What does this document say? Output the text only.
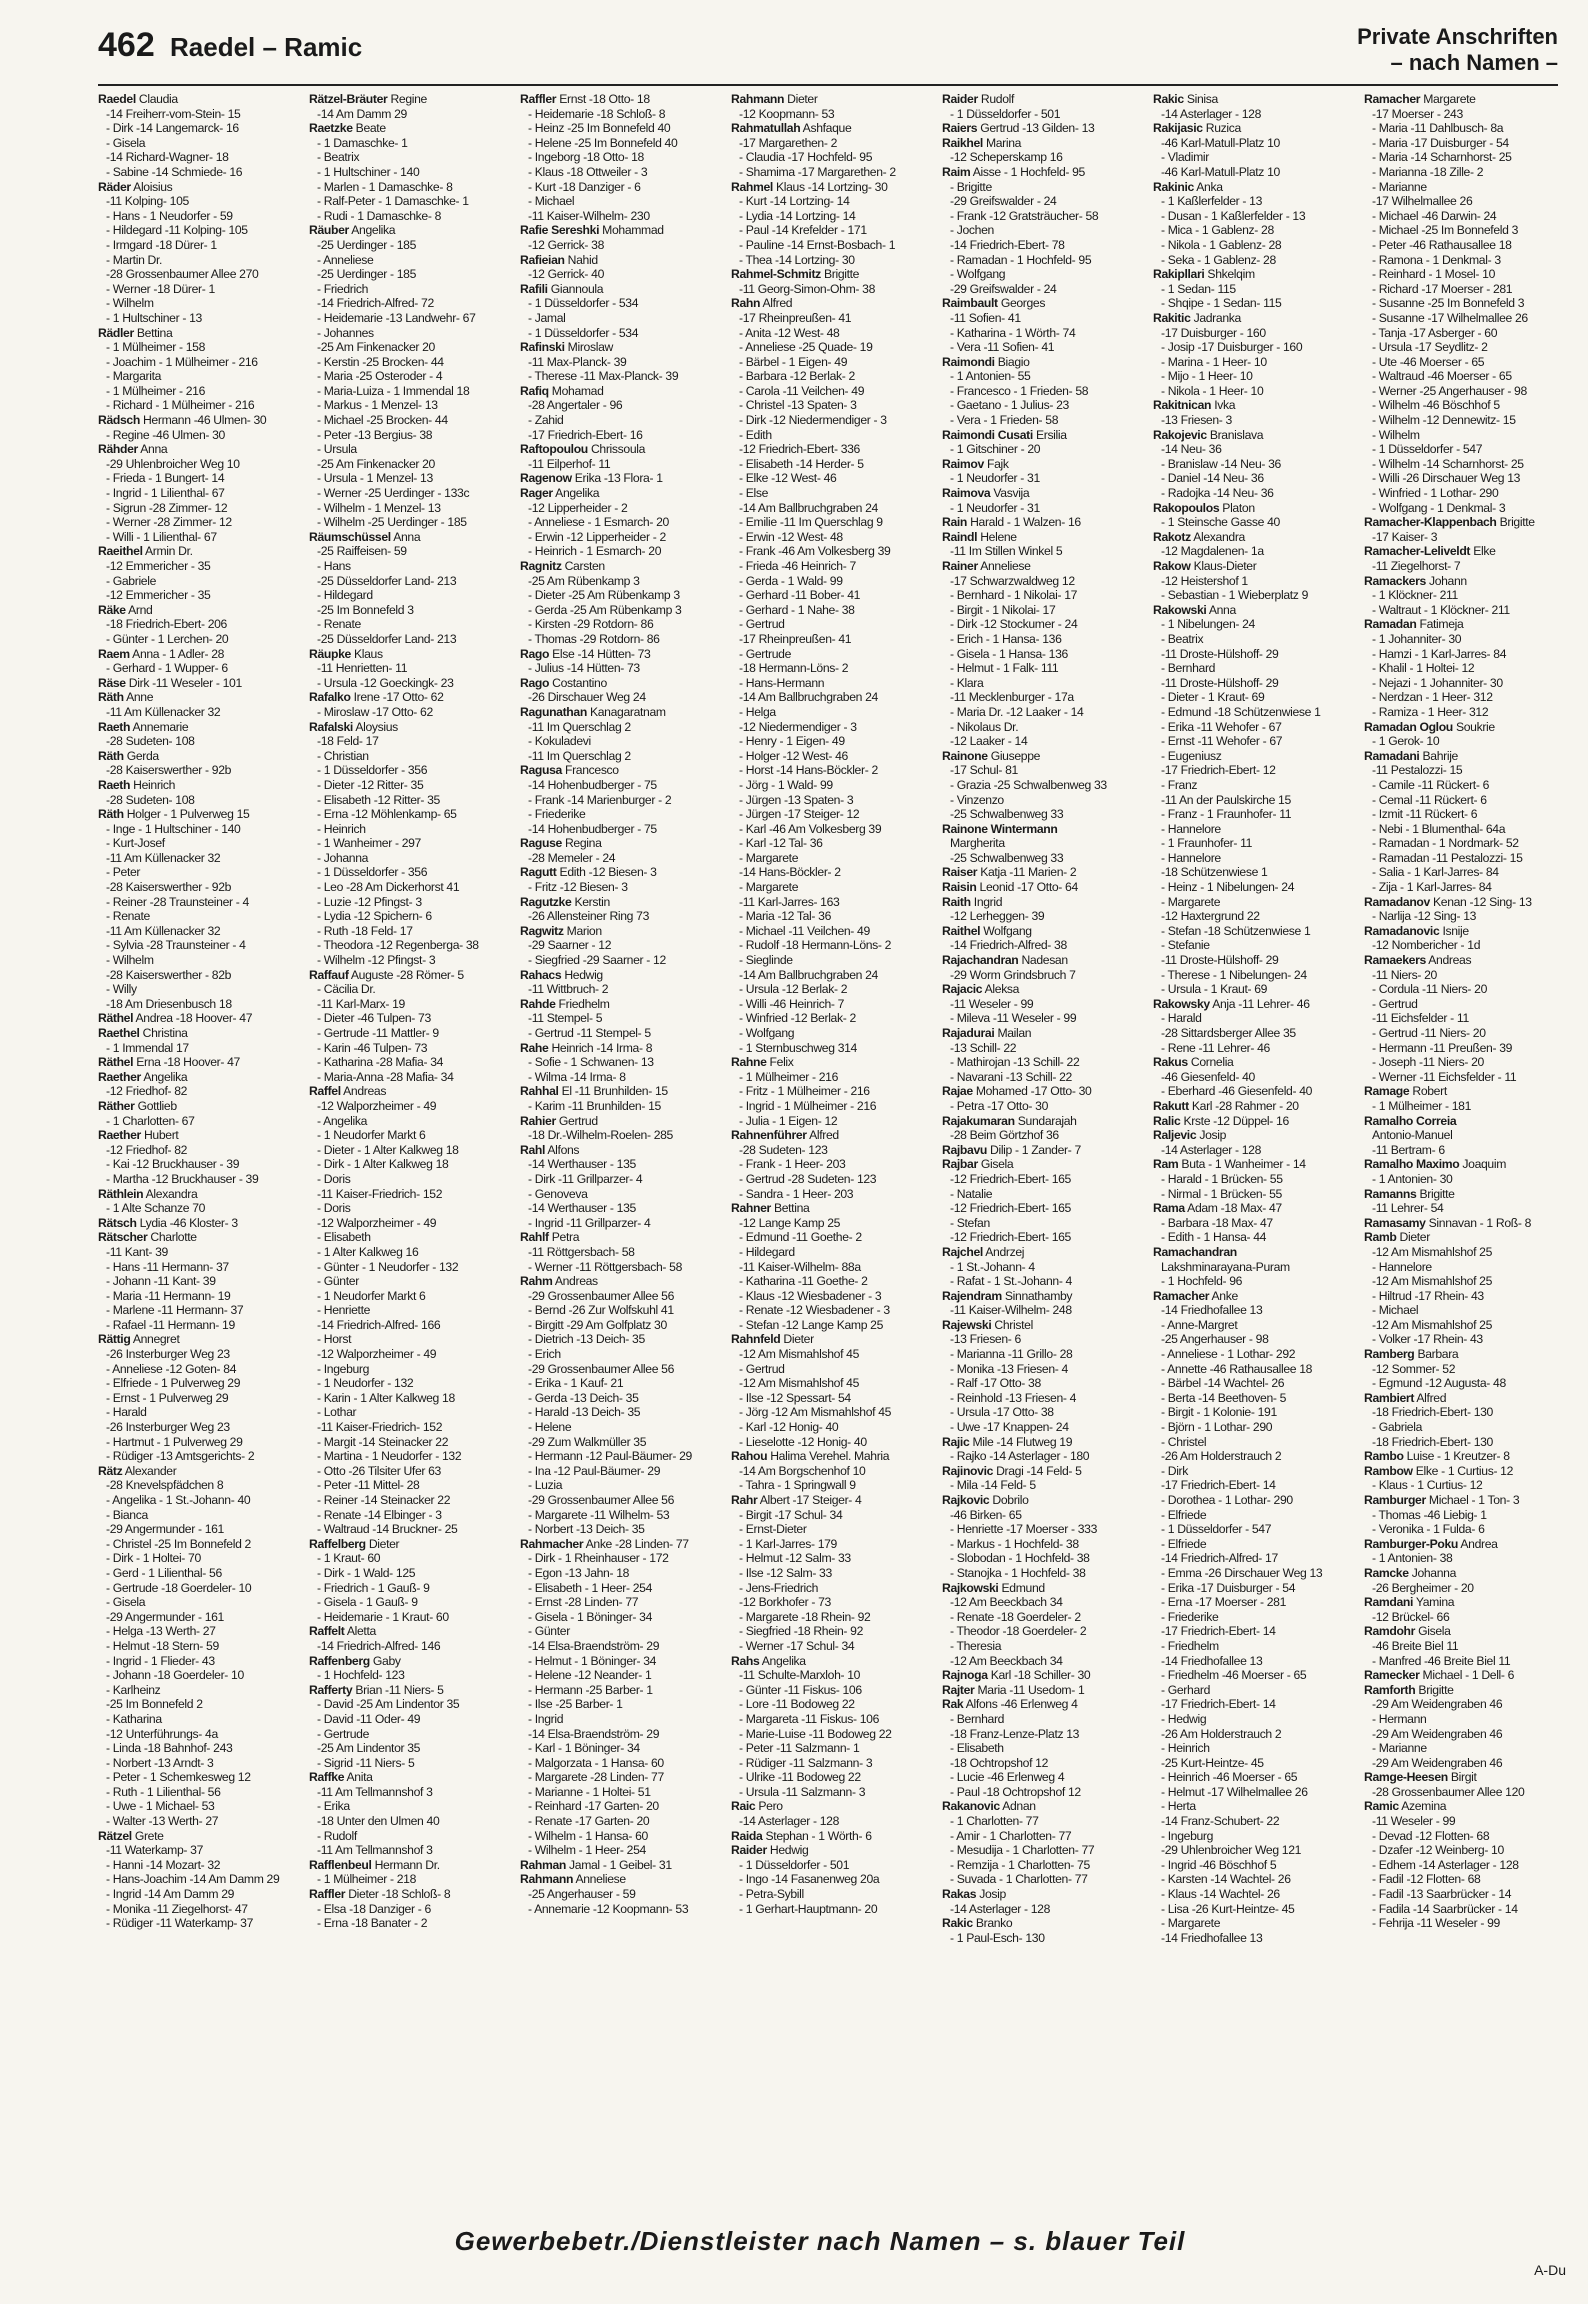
462 Raedel – Ramic	Private Anschriften
– nach Namen –
Raedel Claudia
-14 Freiherr-vom-Stein- 15
- Dirk -14 Langemarck- 16
- Gisela
-14 Richard-Wagner- 18
- Sabine -14 Schmiede- 16
Räder Aloisius
-11 Kolping- 105
- Hans - 1 Neudorfer - 59
- Hildegard -11 Kolping- 105
- Irmgard -18 Dürer- 1
- Martin Dr.
-28 Grossenbaumer Allee 270
- Werner -18 Dürer- 1
- Wilhelm
- 1 Hultschiner - 13
Rädler Bettina
- 1 Mülheimer - 158
- Joachim - 1 Mülheimer - 216
- Margarita
- 1 Mülheimer - 216
- Richard - 1 Mülheimer - 216
Rädsch Hermann -46 Ulmen- 30
- Regine -46 Ulmen- 30
Rähder Anna
-29 Uhlenbroicher Weg 10
- Frieda - 1 Bungert- 14
- Ingrid - 1 Lilienthal- 67
- Sigrun -28 Zimmer- 12
- Werner -28 Zimmer- 12
- Willi - 1 Lilienthal- 67
Raeithel Armin Dr.
-12 Emmericher - 35
- Gabriele
-12 Emmericher - 35
Räke Arnd
-18 Friedrich-Ebert- 206
- Günter - 1 Lerchen- 20
Raem Anna - 1 Adler- 28
- Gerhard - 1 Wupper- 6
Räse Dirk -11 Weseler - 101
Räth Anne
-11 Am Küllenacker 32
Raeth Annemarie
-28 Sudeten- 108
Räth Gerda
-28 Kaiserswerther - 92b
Raeth Heinrich
-28 Sudeten- 108
Räth Holger - 1 Pulverweg 15
- Inge - 1 Hultschiner - 140
- Kurt-Josef
-11 Am Küllenacker 32
- Peter
-28 Kaiserswerther - 92b
- Reiner -28 Traunsteiner - 4
- Renate
-11 Am Küllenacker 32
- Sylvia -28 Traunsteiner - 4
- Wilhelm
-28 Kaiserswerther - 82b
- Willy
-18 Am Driesenbusch 18
Räthel Andrea -18 Hoover- 47
Raethel Christina
- 1 Immendal 17
Räthel Erna -18 Hoover- 47
Raether Angelika
-12 Friedhof- 82
Räther Gottlieb
- 1 Charlotten- 67
Raether Hubert
-12 Friedhof- 82
- Kai -12 Bruckhauser - 39
- Martha -12 Bruckhauser - 39
Räthlein Alexandra
- 1 Alte Schanze 70
Rätsch Lydia -46 Kloster- 3
Rätscher Charlotte
-11 Kant- 39
- Hans -11 Hermann- 37
- Johann -11 Kant- 39
- Maria -11 Hermann- 19
- Marlene -11 Hermann- 37
- Rafael -11 Hermann- 19
Rättig Annegret
-26 Insterburger Weg 23
- Anneliese -12 Goten- 84
- Elfriede - 1 Pulverweg 29
- Ernst - 1 Pulverweg 29
- Harald
-26 Insterburger Weg 23
- Hartmut - 1 Pulverweg 29
- Rüdiger -13 Amtsgerichts- 2
Rätz Alexander
-28 Knevelspfädchen 8
- Angelika - 1 St.-Johann- 40
- Bianca
-29 Angermunder - 161
- Christel -25 Im Bonnefeld 2
- Dirk - 1 Holtei- 70
- Gerd - 1 Lilienthal- 56
- Gertrude -18 Goerdeler- 10
- Gisela
-29 Angermunder - 161
- Helga -13 Werth- 27
- Helmut -18 Stern- 59
- Ingrid - 1 Flieder- 43
- Johann -18 Goerdeler- 10
- Karlheinz
-25 Im Bonnefeld 2
- Katharina
-12 Unterführungs- 4a
- Linda -18 Bahnhof- 243
- Norbert -13 Arndt- 3
- Peter - 1 Schemkesweg 12
- Ruth - 1 Lilienthal- 56
- Uwe - 1 Michael- 53
- Walter -13 Werth- 27
Rätzel Grete
-11 Waterkamp- 37
- Hanni -14 Mozart- 32
- Hans-Joachim -14 Am Damm 29
- Ingrid -14 Am Damm 29
- Monika -11 Ziegelhorst- 47
- Rüdiger -11 Waterkamp- 37
Rätzel-Bräuter Regine
-14 Am Damm 29
Raetzke Beate
- 1 Damaschke- 1
- Beatrix
- 1 Hultschiner - 140
- Marlen - 1 Damaschke- 8
- Ralf-Peter - 1 Damaschke- 1
- Rudi - 1 Damaschke- 8
Räuber Angelika
-25 Uerdinger - 185
- Anneliese
-25 Uerdinger - 185
- Friedrich
-14 Friedrich-Alfred- 72
- Heidemarie -13 Landwehr- 67
- Johannes
-25 Am Finkenacker 20
- Kerstin -25 Brocken- 44
- Maria -25 Osteroder - 4
- Maria-Luiza - 1 Immendal 18
- Markus - 1 Menzel- 13
- Michael -25 Brocken- 44
- Peter -13 Bergius- 38
- Ursula
-25 Am Finkenacker 20
- Ursula - 1 Menzel- 13
- Werner -25 Uerdinger - 133c
- Wilhelm - 1 Menzel- 13
- Wilhelm -25 Uerdinger - 185
Räumschüssel Anna
-25 Raiffeisen- 59
- Hans
-25 Düsseldorfer Land- 213
- Hildegard
-25 Im Bonnefeld 3
- Renate
-25 Düsseldorfer Land- 213
Räupke Klaus
-11 Henrietten- 11
- Ursula -12 Goeckingk- 23
Rafalko Irene -17 Otto- 62
- Miroslaw -17 Otto- 62
Rafalski Aloysius
-18 Feld- 17
- Christian
- 1 Düsseldorfer - 356
- Dieter -12 Ritter- 35
- Elisabeth -12 Ritter- 35
- Erna -12 Möhlenkamp- 65
- Heinrich
- 1 Wanheimer - 297
- Johanna
- 1 Düsseldorfer - 356
- Leo -28 Am Dickerhorst 41
- Luzie -12 Pfingst- 3
- Lydia -12 Spichern- 6
- Ruth -18 Feld- 17
- Theodora -12 Regenberga- 38
- Wilhelm -12 Pfingst- 3
Raffauf Auguste -28 Römer- 5
- Cäcilia Dr.
-11 Karl-Marx- 19
- Dieter -46 Tulpen- 73
- Gertrude -11 Mattler- 9
- Karin -46 Tulpen- 73
- Katharina -28 Mafia- 34
- Maria-Anna -28 Mafia- 34
Raffel Andreas
-12 Walporzheimer - 49
- Angelika
- 1 Neudorfer Markt 6
- Dieter - 1 Alter Kalkweg 18
- Dirk - 1 Alter Kalkweg 18
- Doris
-11 Kaiser-Friedrich- 152
- Doris
-12 Walporzheimer - 49
- Elisabeth
- 1 Alter Kalkweg 16
- Günter - 1 Neudorfer - 132
- Günter
- 1 Neudorfer Markt 6
- Henriette
-14 Friedrich-Alfred- 166
- Horst
-12 Walporzheimer - 49
- Ingeburg
- 1 Neudorfer - 132
- Karin - 1 Alter Kalkweg 18
- Lothar
-11 Kaiser-Friedrich- 152
- Margit -14 Steinacker 22
- Martina - 1 Neudorfer - 132
- Otto -26 Tilsiter Ufer 63
- Peter -11 Mittel- 28
- Reiner -14 Steinacker 22
- Renate -14 Elbinger - 3
- Waltraud -14 Bruckner- 25
Raffelberg Dieter
- 1 Kraut- 60
- Dirk - 1 Wald- 125
- Friedrich - 1 Gauß- 9
- Gisela - 1 Gauß- 9
- Heidemarie - 1 Kraut- 60
Raffelt Aletta
-14 Friedrich-Alfred- 146
Raffenberg Gaby
- 1 Hochfeld- 123
Rafferty Brian -11 Niers- 5
- David -25 Am Lindentor 35
- David -11 Oder- 49
- Gertrude
-25 Am Lindentor 35
- Sigrid -11 Niers- 5
Raffke Anita
-11 Am Tellmannshof 3
- Erika
-18 Unter den Ulmen 40
- Rudolf
-11 Am Tellmannshof 3
Rafflenbeul Hermann Dr.
- 1 Mülheimer - 218
Raffler Dieter -18 Schloß- 8
- Elsa -18 Danziger - 6
- Erna -18 Banater - 2
Raffler Ernst -18 Otto- 18
- Heidemarie -18 Schloß- 8
- Heinz -25 Im Bonnefeld 40
- Helene -25 Im Bonnefeld 40
- Ingeborg -18 Otto- 18
- Klaus -18 Ottweiler - 3
- Kurt -18 Danziger - 6
- Michael
-11 Kaiser-Wilhelm- 230
Rafie Sereshki Mohammad
-12 Gerrick- 38
Rafieian Nahid
-12 Gerrick- 40
Rafili Giannoula
- 1 Düsseldorfer - 534
- Jamal
- 1 Düsseldorfer - 534
Rafinski Miroslaw
-11 Max-Planck- 39
- Therese -11 Max-Planck- 39
Rafiq Mohamad
-28 Angertaler - 96
- Zahid
-17 Friedrich-Ebert- 16
Raftopoulou Chrissoula
-11 Eilperhof- 11
Ragenow Erika -13 Flora- 1
Rager Angelika
-12 Lipperheider - 2
- Anneliese - 1 Esmarch- 20
- Erwin -12 Lipperheider - 2
- Heinrich - 1 Esmarch- 20
Ragnitz Carsten
-25 Am Rübenkamp 3
- Dieter -25 Am Rübenkamp 3
- Gerda -25 Am Rübenkamp 3
- Kirsten -29 Rotdorn- 86
- Thomas -29 Rotdorn- 86
Rago Else -14 Hütten- 73
- Julius -14 Hütten- 73
Rago Costantino
-26 Dirschauer Weg 24
Ragunathan Kanagaratnam
-11 Im Querschlag 2
- Kokuladevi
-11 Im Querschlag 2
Ragusa Francesco
-14 Hohenbudberger - 75
- Frank -14 Marienburger - 2
- Friederike
-14 Hohenbudberger - 75
Raguse Regina
-28 Memeler - 24
Ragutt Edith -12 Biesen- 3
- Fritz -12 Biesen- 3
Ragutzke Kerstin
-26 Allensteiner Ring 73
Ragwitz Marion
-29 Saarner - 12
- Siegfried -29 Saarner - 12
Rahacs Hedwig
-11 Wittbruch- 2
Rahde Friedhelm
-11 Stempel- 5
- Gertrud -11 Stempel- 5
Rahe Heinrich -14 Irma- 8
- Sofie - 1 Schwanen- 13
- Wilma -14 Irma- 8
Rahhal El -11 Brunhilden- 15
- Karim -11 Brunhilden- 15
Rahier Gertrud
-18 Dr.-Wilhelm-Roelen- 285
Rahl Alfons
-14 Werthauser - 135
- Dirk -11 Grillparzer- 4
- Genoveva
-14 Werthauser - 135
- Ingrid -11 Grillparzer- 4
Rahlf Petra
-11 Röttgersbach- 58
- Werner -11 Röttgersbach- 58
Rahm Andreas
-29 Grossenbaumer Allee 56
- Bernd -26 Zur Wolfskuhl 41
- Birgitt -29 Am Golfplatz 30
- Dietrich -13 Deich- 35
- Erich
-29 Grossenbaumer Allee 56
- Erika - 1 Kauf- 21
- Gerda -13 Deich- 35
- Harald -13 Deich- 35
- Helene
-29 Zum Walkmüller 35
- Hermann -12 Paul-Bäumer- 29
- Ina -12 Paul-Bäumer- 29
- Luzia
-29 Grossenbaumer Allee 56
- Margarete -11 Wilhelm- 53
- Norbert -13 Deich- 35
Rahmacher Anke -28 Linden- 77
- Dirk - 1 Rheinhauser - 172
- Egon -13 Jahn- 18
- Elisabeth - 1 Heer- 254
- Ernst -28 Linden- 77
- Gisela - 1 Böninger- 34
- Günter
-14 Elsa-Braendström- 29
- Helmut - 1 Böninger- 34
- Helene -12 Neander- 1
- Hermann -25 Barber- 1
- Ilse -25 Barber- 1
- Ingrid
-14 Elsa-Braendström- 29
- Karl - 1 Böninger- 34
- Malgorzata - 1 Hansa- 60
- Margarete -28 Linden- 77
- Marianne - 1 Holtei- 51
- Reinhard -17 Garten- 20
- Renate -17 Garten- 20
- Wilhelm - 1 Hansa- 60
- Wilhelm - 1 Heer- 254
Rahman Jamal - 1 Geibel- 31
Rahmann Anneliese
-25 Angerhauser - 59
- Annemarie -12 Koopmann- 53
Rahmann Dieter
-12 Koopmann- 53
Rahmatullah Ashfaque
-17 Margarethen- 2
- Claudia -17 Hochfeld- 95
- Shamima -17 Margarethen- 2
Rahmel Klaus -14 Lortzing- 30
- Kurt -14 Lortzing- 14
- Lydia -14 Lortzing- 14
- Paul -14 Krefelder - 171
- Pauline -14 Ernst-Bosbach- 1
- Thea -14 Lortzing- 30
Rahmel-Schmitz Brigitte
-11 Georg-Simon-Ohm- 38
Rahn Alfred
-17 Rheinpreußen- 41
- Anita -12 West- 48
- Anneliese -25 Quade- 19
- Bärbel - 1 Eigen- 49
- Barbara -12 Berlak- 2
- Carola -11 Veilchen- 49
- Christel -13 Spaten- 3
- Dirk -12 Niedermendiger - 3
- Edith
-12 Friedrich-Ebert- 336
- Elisabeth -14 Herder- 5
- Elke -12 West- 46
- Else
-14 Am Ballbruchgraben 24
- Emilie -11 Im Querschlag 9
- Erwin -12 West- 48
- Frank -46 Am Volkesberg 39
- Frieda -46 Heinrich- 7
- Gerda - 1 Wald- 99
- Gerhard -11 Bober- 41
- Gerhard - 1 Nahe- 38
- Gertrud
-17 Rheinpreußen- 41
- Gertrude
-18 Hermann-Löns- 2
- Hans-Hermann
-14 Am Ballbruchgraben 24
- Helga
-12 Niedermendiger - 3
- Henry - 1 Eigen- 49
- Holger -12 West- 46
- Horst -14 Hans-Böckler- 2
- Jörg - 1 Wald- 99
- Jürgen -13 Spaten- 3
- Jürgen -17 Steiger- 12
- Karl -46 Am Volkesberg 39
- Karl -12 Tal- 36
- Margarete
-14 Hans-Böckler- 2
- Margarete
-11 Karl-Jarres- 163
- Maria -12 Tal- 36
- Michael -11 Veilchen- 49
- Rudolf -18 Hermann-Löns- 2
- Sieglinde
-14 Am Ballbruchgraben 24
- Ursula -12 Berlak- 2
- Willi -46 Heinrich- 7
- Winfried -12 Berlak- 2
- Wolfgang
- 1 Sternbuschweg 314
Rahne Felix
- 1 Mülheimer - 216
- Fritz - 1 Mülheimer - 216
- Ingrid - 1 Mülheimer - 216
- Julia - 1 Eigen- 12
Rahnenführer Alfred
-28 Sudeten- 123
- Frank - 1 Heer- 203
- Gertrud -28 Sudeten- 123
- Sandra - 1 Heer- 203
Rahner Bettina
-12 Lange Kamp 25
- Edmund -11 Goethe- 2
- Hildegard
-11 Kaiser-Wilhelm- 88a
- Katharina -11 Goethe- 2
- Klaus -12 Wiesbadener - 3
- Renate -12 Wiesbadener - 3
- Stefan -12 Lange Kamp 25
Rahnfeld Dieter
-12 Am Mismahlshof 45
- Gertrud
-12 Am Mismahlshof 45
- Ilse -12 Spessart- 54
- Jörg -12 Am Mismahlshof 45
- Karl -12 Honig- 40
- Lieselotte -12 Honig- 40
Rahou Halima Verehel. Mahria
-14 Am Borgschenhof 10
- Tahra - 1 Springwall 9
Rahr Albert -17 Steiger- 4
- Birgit -17 Schul- 34
- Ernst-Dieter
- 1 Karl-Jarres- 179
- Helmut -12 Salm- 33
- Ilse -12 Salm- 33
- Jens-Friedrich
-12 Borkhofer - 73
- Margarete -18 Rhein- 92
- Siegfried -18 Rhein- 92
- Werner -17 Schul- 34
Rahs Angelika
-11 Schulte-Marxloh- 10
- Günter -11 Fiskus- 106
- Lore -11 Bodoweg 22
- Margareta -11 Fiskus- 106
- Marie-Luise -11 Bodoweg 22
- Peter -11 Salzmann- 1
- Rüdiger -11 Salzmann- 3
- Ulrike -11 Bodoweg 22
- Ursula -11 Salzmann- 3
Raic Pero
-14 Asterlager - 128
Raida Stephan - 1 Wörth- 6
Raider Hedwig
- 1 Düsseldorfer - 501
- Ingo -14 Fasanenweg 20a
- Petra-Sybill
- 1 Gerhart-Hauptmann- 20
Raider Rudolf
- 1 Düsseldorfer - 501
Raiers Gertrud -13 Gilden- 13
Raikhel Marina
-12 Scheperskamp 16
Raim Aisse - 1 Hochfeld- 95
- Brigitte
-29 Greifswalder - 24
- Frank -12 Gratsträucher- 58
- Jochen
-14 Friedrich-Ebert- 78
- Ramadan - 1 Hochfeld- 95
- Wolfgang
-29 Greifswalder - 24
Raimbault Georges
-11 Sofien- 41
- Katharina - 1 Wörth- 74
- Vera -11 Sofien- 41
Raimondi Biagio
- 1 Antonien- 55
- Francesco - 1 Frieden- 58
- Gaetano - 1 Julius- 23
- Vera - 1 Frieden- 58
Raimondi Cusati Ersilia
- 1 Gitschiner - 20
Raimov Fajk
- 1 Neudorfer - 31
Raimova Vasvija
- 1 Neudorfer - 31
Rain Harald - 1 Walzen- 16
Raindl Helene
-11 Im Stillen Winkel 5
Rainer Anneliese
-17 Schwarzwaldweg 12
- Bernhard - 1 Nikolai- 17
- Birgit - 1 Nikolai- 17
- Dirk -12 Stockumer - 24
- Erich - 1 Hansa- 136
- Gisela - 1 Hansa- 136
- Helmut - 1 Falk- 111
- Klara
-11 Mecklenburger - 17a
- Maria Dr. -12 Laaker - 14
- Nikolaus Dr.
-12 Laaker - 14
Rainone Giuseppe
-17 Schul- 81
- Grazia -25 Schwalbenweg 33
- Vinzenzo
-25 Schwalbenweg 33
Rainone Wintermann
Margherita
-25 Schwalbenweg 33
Raiser Katja -11 Marien- 2
Raisin Leonid -17 Otto- 64
Raith Ingrid
-12 Lerheggen- 39
Raithel Wolfgang
-14 Friedrich-Alfred- 38
Rajachandran Nadesan
-29 Worm Grindsbruch 7
Rajacic Aleksa
-11 Weseler - 99
- Mileva -11 Weseler - 99
Rajadurai Mailan
-13 Schill- 22
- Mathirojan -13 Schill- 22
- Navarani -13 Schill- 22
Rajae Mohamed -17 Otto- 30
- Petra -17 Otto- 30
Rajakumaran Sundarajah
-28 Beim Görtzhof 36
Rajbavu Dilip - 1 Zander- 7
Rajbar Gisela
-12 Friedrich-Ebert- 165
- Natalie
-12 Friedrich-Ebert- 165
- Stefan
-12 Friedrich-Ebert- 165
Rajchel Andrzej
- 1 St.-Johann- 4
- Rafat - 1 St.-Johann- 4
Rajendram Sinnathamby
-11 Kaiser-Wilhelm- 248
Rajewski Christel
-13 Friesen- 6
- Marianna -11 Grillo- 28
- Monika -13 Friesen- 4
- Ralf -17 Otto- 38
- Reinhold -13 Friesen- 4
- Ursula -17 Otto- 38
- Uwe -17 Knappen- 24
Rajic Mile -14 Flutweg 19
- Rajko -14 Asterlager - 180
Rajinovic Dragi -14 Feld- 5
- Mila -14 Feld- 5
Rajkovic Dobrilo
-46 Birken- 65
- Henriette -17 Moerser - 333
- Markus - 1 Hochfeld- 38
- Slobodan - 1 Hochfeld- 38
- Stanojka - 1 Hochfeld- 38
Rajkowski Edmund
-12 Am Beeckbach 34
- Renate -18 Goerdeler- 2
- Theodor -18 Goerdeler- 2
- Theresia
-12 Am Beeckbach 34
Rajnoga Karl -18 Schiller- 30
Rajter Maria -11 Usedom- 1
Rak Alfons -46 Erlenweg 4
- Bernhard
-18 Franz-Lenze-Platz 13
- Elisabeth
-18 Ochtropshof 12
- Lucie -46 Erlenweg 4
- Paul -18 Ochtropshof 12
Rakanovic Adnan
- 1 Charlotten- 77
- Amir - 1 Charlotten- 77
- Mesudija - 1 Charlotten- 77
- Remzija - 1 Charlotten- 75
- Suvada - 1 Charlotten- 77
Rakas Josip
-14 Asterlager - 128
Rakic Branko
- 1 Paul-Esch- 130
Rakic Sinisa
-14 Asterlager - 128
Rakijasic Ruzica
-46 Karl-Matull-Platz 10
- Vladimir
-46 Karl-Matull-Platz 10
Rakinic Anka
- 1 Kaßlerfelder - 13
- Dusan - 1 Kaßlerfelder - 13
- Mica - 1 Gablenz- 28
- Nikola - 1 Gablenz- 28
- Seka - 1 Gablenz- 28
Rakipllari Shkelqim
- 1 Sedan- 115
- Shqipe - 1 Sedan- 115
Rakitic Jadranka
-17 Duisburger - 160
- Josip -17 Duisburger - 160
- Marina - 1 Heer- 10
- Mijo - 1 Heer- 10
- Nikola - 1 Heer- 10
Rakitnican Ivka
-13 Friesen- 3
Rakojevic Branislava
-14 Neu- 36
- Branislaw -14 Neu- 36
- Daniel -14 Neu- 36
- Radojka -14 Neu- 36
Rakopoulos Platon
- 1 Steinsche Gasse 40
Rakotz Alexandra
-12 Magdalenen- 1a
Rakow Klaus-Dieter
-12 Heistershof 1
- Sebastian - 1 Wieberplatz 9
Rakowski Anna
- 1 Nibelungen- 24
- Beatrix
-11 Droste-Hülshoff- 29
- Bernhard
-11 Droste-Hülshoff- 29
- Dieter - 1 Kraut- 69
- Edmund -18 Schützenwiese 1
- Erika -11 Wehofer - 67
- Ernst -11 Wehofer - 67
- Eugeniusz
-17 Friedrich-Ebert- 12
- Franz
-11 An der Paulskirche 15
- Franz - 1 Fraunhofer- 11
- Hannelore
- 1 Fraunhofer- 11
- Hannelore
-18 Schützenwiese 1
- Heinz - 1 Nibelungen- 24
- Margarete
-12 Haxtergrund 22
- Stefan -18 Schützenwiese 1
- Stefanie
-11 Droste-Hülshoff- 29
- Therese - 1 Nibelungen- 24
- Ursula - 1 Kraut- 69
Rakowsky Anja -11 Lehrer- 46
- Harald
-28 Sittardsberger Allee 35
- Rene -11 Lehrer- 46
Rakus Cornelia
-46 Giesenfeld- 40
- Eberhard -46 Giesenfeld- 40
Rakutt Karl -28 Rahmer - 20
Ralic Krste -12 Düppel- 16
Raljevic Josip
-14 Asterlager - 128
Ram Buta - 1 Wanheimer - 14
- Harald - 1 Brücken- 55
- Nirmal - 1 Brücken- 55
Rama Adam -18 Max- 47
- Barbara -18 Max- 47
- Edith - 1 Hansa- 44
Ramachandran
Lakshminarayana-Puram
- 1 Hochfeld- 96
Ramacher Anke
-14 Friedhofallee 13
- Anne-Margret
-25 Angerhauser - 98
- Anneliese - 1 Lothar- 292
- Annette -46 Rathausallee 18
- Bärbel -14 Wachtel- 26
- Berta -14 Beethoven- 5
- Birgit - 1 Kolonie- 191
- Björn - 1 Lothar- 290
- Christel
-26 Am Holderstrauch 2
- Dirk
-17 Friedrich-Ebert- 14
- Dorothea - 1 Lothar- 290
- Elfriede
- 1 Düsseldorfer - 547
- Elfriede
-14 Friedrich-Alfred- 17
- Emma -26 Dirschauer Weg 13
- Erika -17 Duisburger - 54
- Erna -17 Moerser - 281
- Friederike
-17 Friedrich-Ebert- 14
- Friedhelm
-14 Friedhofallee 13
- Friedhelm -46 Moerser - 65
- Gerhard
-17 Friedrich-Ebert- 14
- Hedwig
-26 Am Holderstrauch 2
- Heinrich
-25 Kurt-Heintze- 45
- Heinrich -46 Moerser - 65
- Helmut -17 Wilhelmallee 26
- Herta
-14 Franz-Schubert- 22
- Ingeburg
-29 Uhlenbroicher Weg 121
- Ingrid -46 Böschhof 5
- Karsten -14 Wachtel- 26
- Klaus -14 Wachtel- 26
- Lisa -26 Kurt-Heintze- 45
- Margarete
-14 Friedhofallee 13
Ramacher Margarete
-17 Moerser - 243
- Maria -11 Dahlbusch- 8a
- Maria -17 Duisburger - 54
- Maria -14 Scharnhorst- 25
- Marianna -18 Zille- 2
- Marianne
-17 Wilhelmallee 26
- Michael -46 Darwin- 24
- Michael -25 Im Bonnefeld 3
- Peter -46 Rathausallee 18
- Ramona - 1 Denkmal- 3
- Reinhard - 1 Mosel- 10
- Richard -17 Moerser - 281
- Susanne -25 Im Bonnefeld 3
- Susanne -17 Wilhelmallee 26
- Tanja -17 Asberger - 60
- Ursula -17 Seydlitz- 2
- Ute -46 Moerser - 65
- Waltraud -46 Moerser - 65
- Werner -25 Angerhauser - 98
- Wilhelm -46 Böschhof 5
- Wilhelm -12 Dennewitz- 15
- Wilhelm
- 1 Düsseldorfer - 547
- Wilhelm -14 Scharnhorst- 25
- Willi -26 Dirschauer Weg 13
- Winfried - 1 Lothar- 290
- Wolfgang - 1 Denkmal- 3
Ramacher-Klappenbach Brigitte
-17 Kaiser- 3
Ramacher-Leliveldt Elke
-11 Ziegelhorst- 7
Ramackers Johann
- 1 Klöckner- 211
- Waltraut - 1 Klöckner- 211
Ramadan Fatimeja
- 1 Johanniter- 30
- Hamzi - 1 Karl-Jarres- 84
- Khalil - 1 Holtei- 12
- Nejazi - 1 Johanniter- 30
- Nerdzan - 1 Heer- 312
- Ramiza - 1 Heer- 312
Ramadan Oglou Soukrie
- 1 Gerok- 10
Ramadani Bahrije
-11 Pestalozzi- 15
- Camile -11 Rückert- 6
- Cemal -11 Rückert- 6
- Izmit -11 Rückert- 6
- Nebi - 1 Blumenthal- 64a
- Ramadan - 1 Nordmark- 52
- Ramadan -11 Pestalozzi- 15
- Salia - 1 Karl-Jarres- 84
- Zija - 1 Karl-Jarres- 84
Ramadanov Kenan -12 Sing- 13
- Narlija -12 Sing- 13
Ramadanovic Isnije
-12 Nombericher - 1d
Ramaekers Andreas
-11 Niers- 20
- Cordula -11 Niers- 20
- Gertrud
-11 Eichsfelder - 11
- Gertrud -11 Niers- 20
- Hermann -11 Preußen- 39
- Joseph -11 Niers- 20
- Werner -11 Eichsfelder - 11
Ramage Robert
- 1 Mülheimer - 181
Ramalho Correia
Antonio-Manuel
-11 Bertram- 6
Ramalho Maximo Joaquim
- 1 Antonien- 30
Ramanns Brigitte
-11 Lehrer- 54
Ramasamy Sinnavan - 1 Roß- 8
Ramb Dieter
-12 Am Mismahlshof 25
- Hannelore
-12 Am Mismahlshof 25
- Hiltrud -17 Rhein- 43
- Michael
-12 Am Mismahlshof 25
- Volker -17 Rhein- 43
Ramberg Barbara
-12 Sommer- 52
- Egmund -12 Augusta- 48
Rambiert Alfred
-18 Friedrich-Ebert- 130
- Gabriela
-18 Friedrich-Ebert- 130
Rambo Luise - 1 Kreutzer- 8
Rambow Elke - 1 Curtius- 12
- Klaus - 1 Curtius- 12
Ramburger Michael - 1 Ton- 3
- Thomas -46 Liebig- 1
- Veronika - 1 Fulda- 6
Ramburger-Poku Andrea
- 1 Antonien- 38
Ramcke Johanna
-26 Bergheimer - 20
Ramdani Yamina
-12 Brückel- 66
Ramdohr Gisela
-46 Breite Biel 11
- Manfred -46 Breite Biel 11
Ramecker Michael - 1 Dell- 6
Ramforth Brigitte
-29 Am Weidengraben 46
- Hermann
-29 Am Weidengraben 46
- Marianne
-29 Am Weidengraben 46
Ramge-Heesen Birgit
-28 Grossenbaumer Allee 120
Ramic Azemina
-11 Weseler - 99
- Devad -12 Flotten- 68
- Dzafer -12 Weinberg- 10
- Edhem -14 Asterlager - 128
- Fadil -12 Flotten- 68
- Fadil -13 Saarbrücker - 14
- Fadila -14 Saarbrücker - 14
- Fehrija -11 Weseler - 99
Gewerbebetr./Dienstleister nach Namen – s. blauer Teil
A-Du
